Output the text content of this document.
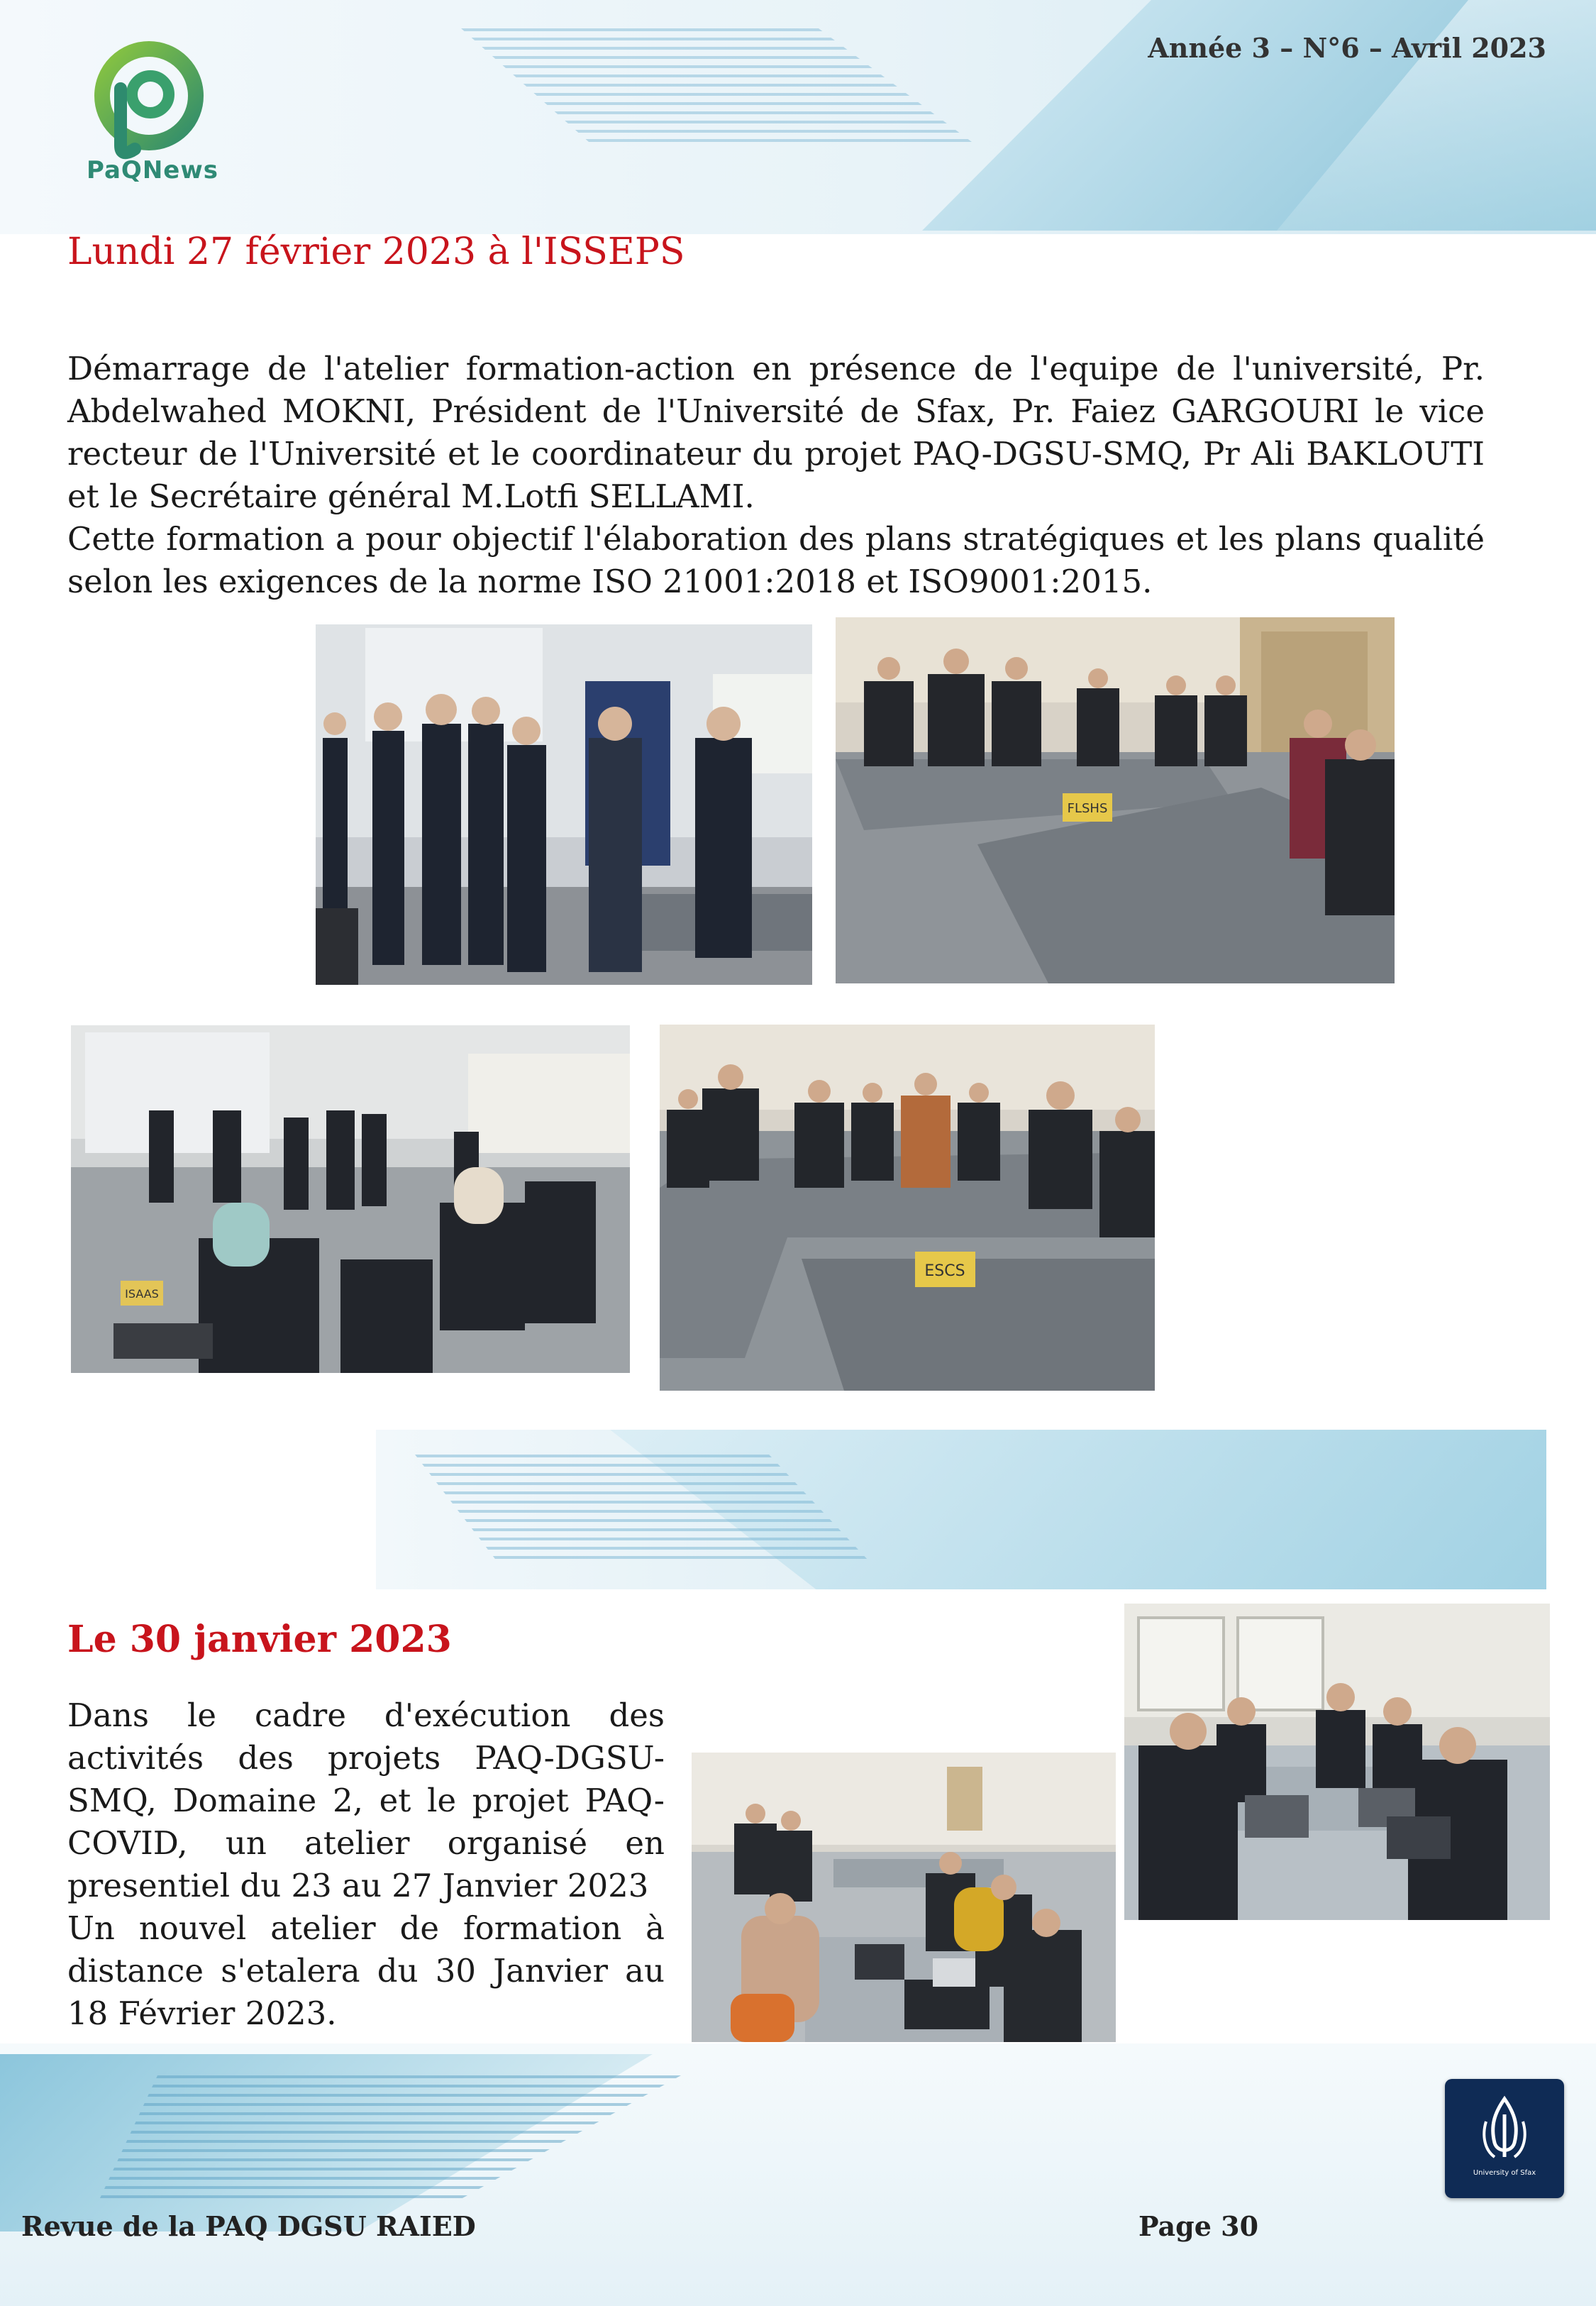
PaQNews
Année 3 – N°6 – Avril 2023
Lundi 27 février 2023 à l'ISSEPS
Démarrage de l'atelier formation-action en présence de l'equipe de l'université, Pr. Abdelwahed MOKNI, Président de l'Université de Sfax, Pr. Faiez GARGOURI le vice recteur de l'Université et le coordinateur du projet PAQ-DGSU-SMQ, Pr Ali BAKLOUTI et le Secrétaire général M.Lotfi SELLAMI.
Cette formation a pour objectif l'élaboration des plans stratégiques et les plans qualité selon les exigences de la norme ISO 21001:2018 et ISO9001:2015.
FLSHS
ISAAS
ESCS
Le 30 janvier 2023
Dans le cadre d'exécution des activités des projets PAQ-DGSU-SMQ, Domaine 2, et le projet PAQ-COVID, un atelier organisé en presentiel du 23 au 27 Janvier 2023
Un nouvel atelier de formation à distance s'etalera du 30 Janvier au 18 Février 2023.
Revue de la PAQ DGSU RAIED	Page 30
University of Sfax
